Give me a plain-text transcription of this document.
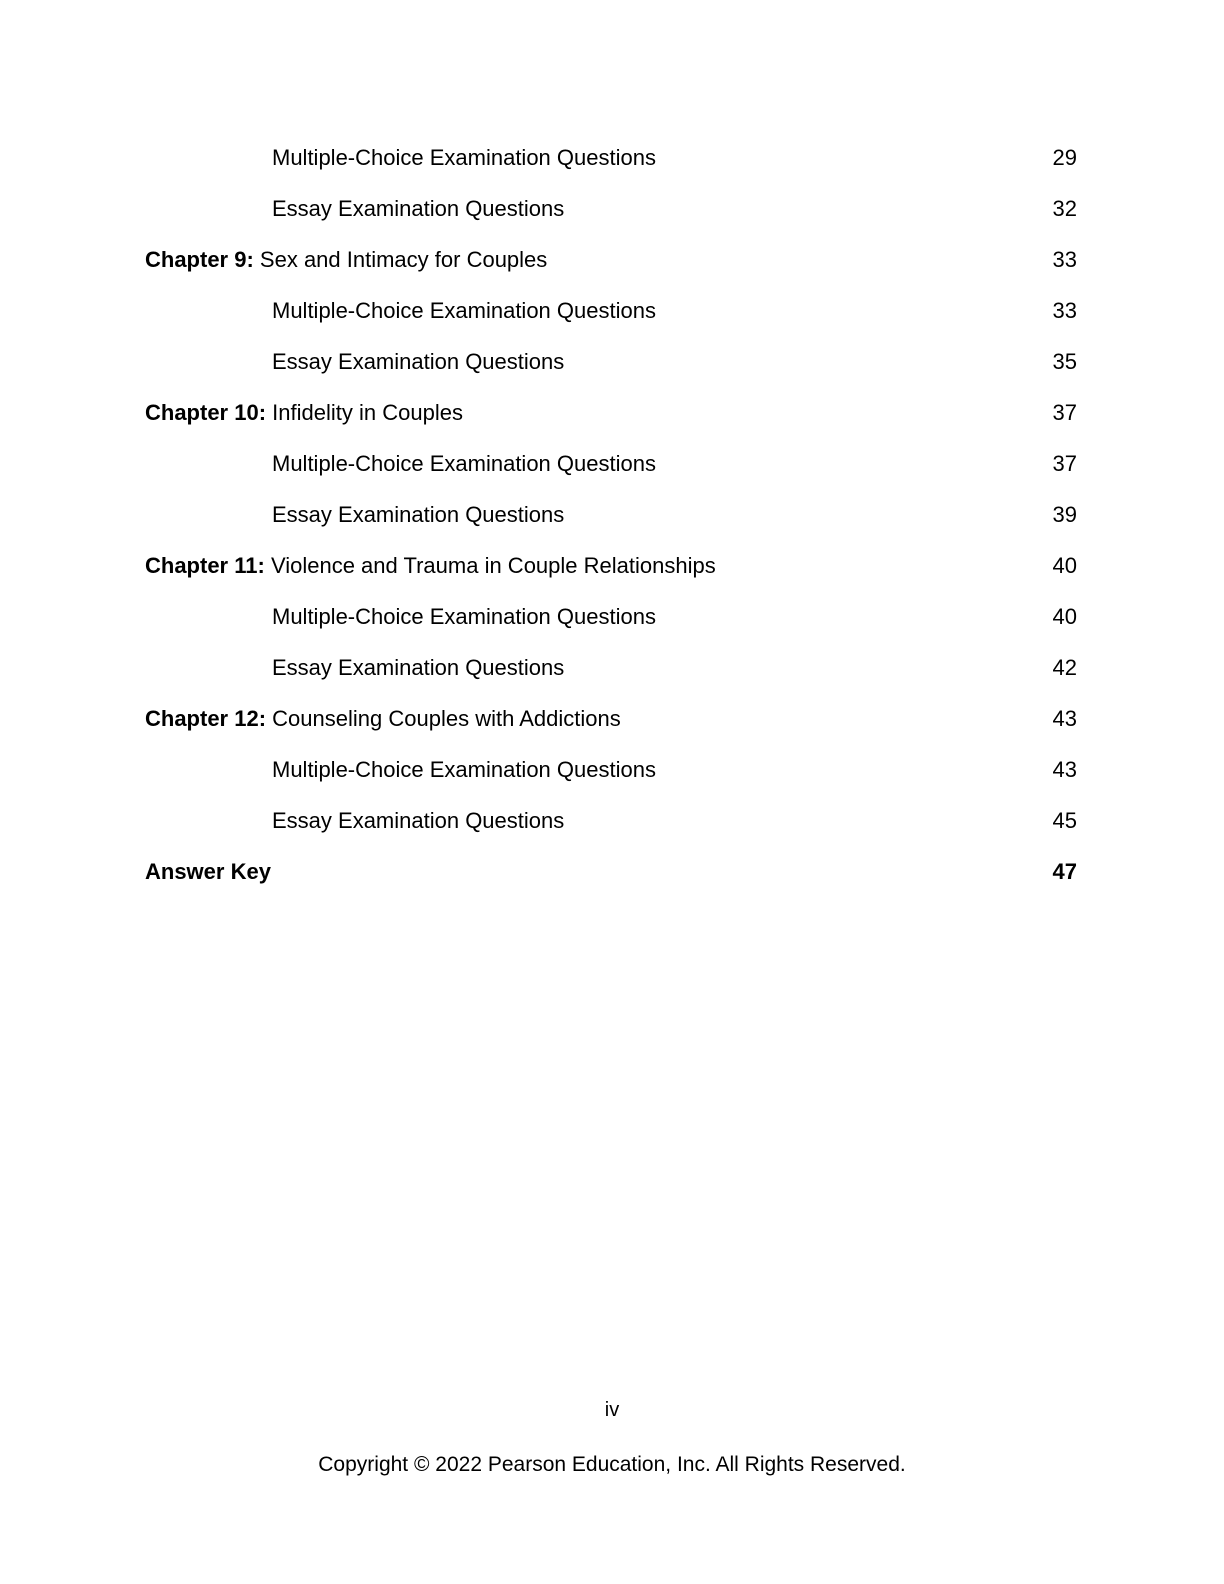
Multiple-Choice Examination Questions	29
Essay Examination Questions	32
Chapter 9: Sex and Intimacy for Couples	33
Multiple-Choice Examination Questions	33
Essay Examination Questions	35
Chapter 10: Infidelity in Couples	37
Multiple-Choice Examination Questions	37
Essay Examination Questions	39
Chapter 11: Violence and Trauma in Couple Relationships	40
Multiple-Choice Examination Questions	40
Essay Examination Questions	42
Chapter 12: Counseling Couples with Addictions	43
Multiple-Choice Examination Questions	43
Essay Examination Questions	45
Answer Key	47
iv
Copyright © 2022 Pearson Education, Inc. All Rights Reserved.
